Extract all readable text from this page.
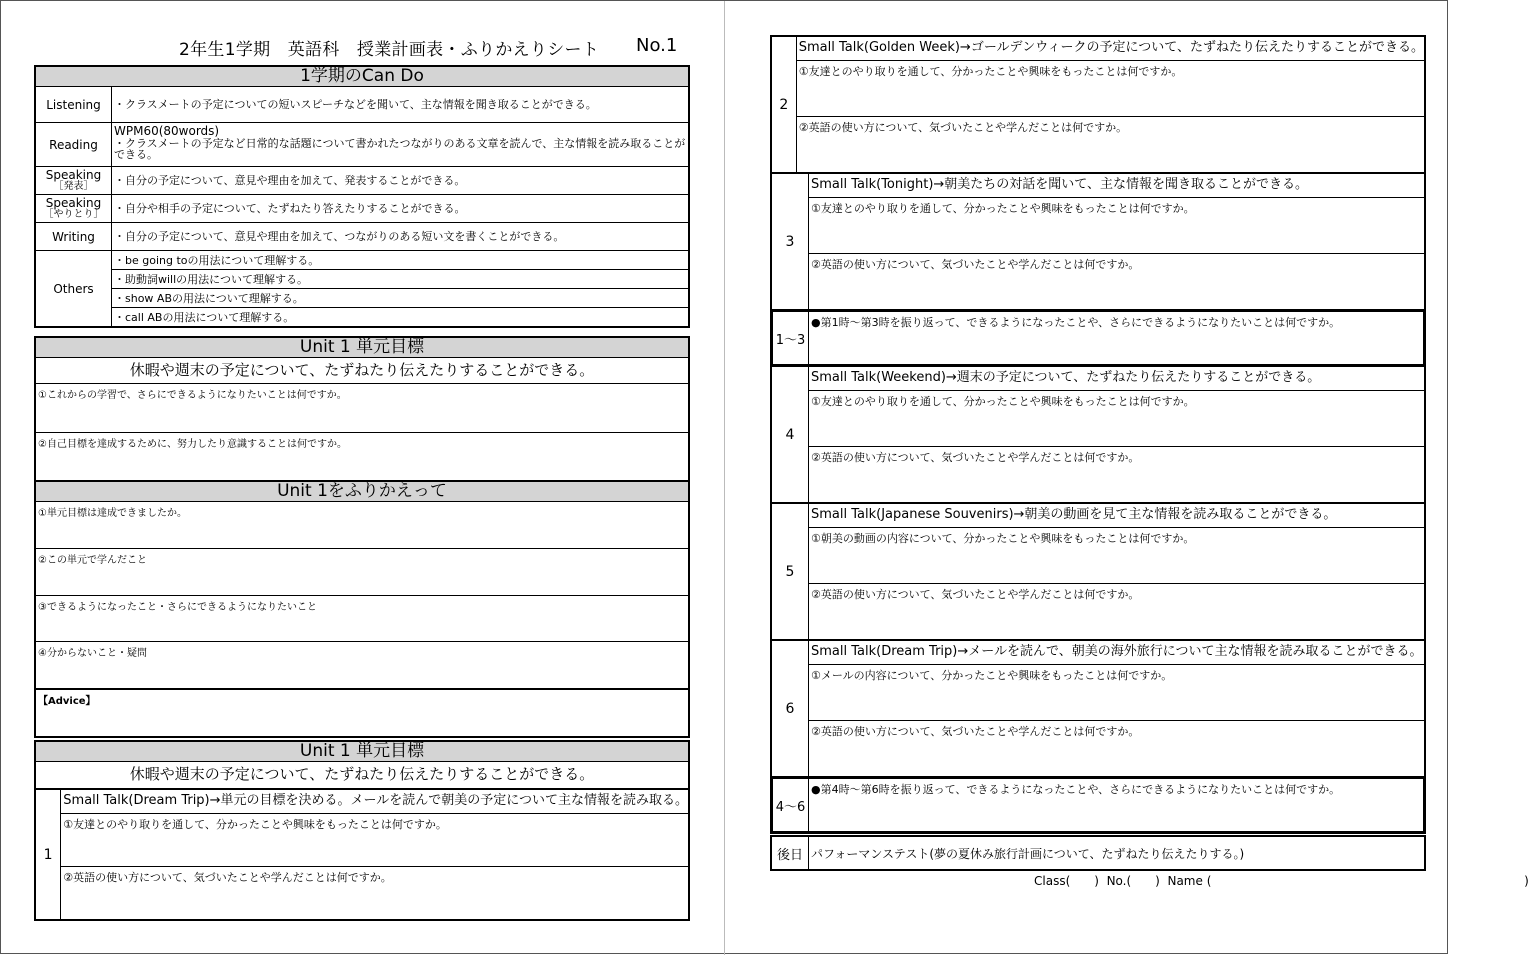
2年生1学期　英語科　授業計画表・ふりかえりシート No.1
1学期のCan Do
Listening ・クラスメートの予定についての短いスピーチなどを聞いて、主な情報を聞き取ることができる。
Reading
WPM60(80words)
・クラスメートの予定など日常的な話題について書かれたつながりのある文章を読んで、主な情報を読み取ることができる。
Speaking
［発表］ ・自分の予定について、意見や理由を加えて、発表することができる。
Speaking
［やりとり］ ・自分や相手の予定について、たずねたり答えたりすることができる。
Writing ・自分の予定について、意見や理由を加えて、つながりのある短い文を書くことができる。
Others
・be going toの用法について理解する。
・助動詞willの用法について理解する。
・show ABの用法について理解する。
・call ABの用法について理解する。
Unit 1 単元目標
休暇や週末の予定について、たずねたり伝えたりすることができる。
①これからの学習で、さらにできるようになりたいことは何ですか。
②自己目標を達成するために、努力したり意識することは何ですか。
Unit 1をふりかえって
①単元目標は達成できましたか。
②この単元で学んだこと
③できるようになったこと・さらにできるようになりたいこと
④分からないこと・疑問
【Advice】
Unit 1 単元目標
休暇や週末の予定について、たずねたり伝えたりすることができる。
1
Small Talk(Dream Trip)→単元の目標を決める。メールを読んで朝美の予定について主な情報を読み取る。
①友達とのやり取りを通して、分かったことや興味をもったことは何ですか。
②英語の使い方について、気づいたことや学んだことは何ですか。
2
Small Talk(Golden Week)→ゴールデンウィークの予定について、たずねたり伝えたりすることができる。
①友達とのやり取りを通して、分かったことや興味をもったことは何ですか。
②英語の使い方について、気づいたことや学んだことは何ですか。
3
Small Talk(Tonight)→朝美たちの対話を聞いて、主な情報を聞き取ることができる。
①友達とのやり取りを通して、分かったことや興味をもったことは何ですか。
②英語の使い方について、気づいたことや学んだことは何ですか。
1～3
●第1時～第3時を振り返って、できるようになったことや、さらにできるようになりたいことは何ですか。
4
Small Talk(Weekend)→週末の予定について、たずねたり伝えたりすることができる。
①友達とのやり取りを通して、分かったことや興味をもったことは何ですか。
②英語の使い方について、気づいたことや学んだことは何ですか。
5
Small Talk(Japanese Souvenirs)→朝美の動画を見て主な情報を読み取ることができる。
①朝美の動画の内容について、分かったことや興味をもったことは何ですか。
②英語の使い方について、気づいたことや学んだことは何ですか。
6
Small Talk(Dream Trip)→メールを読んで、朝美の海外旅行について主な情報を読み取ることができる。
①メールの内容について、分かったことや興味をもったことは何ですか。
②英語の使い方について、気づいたことや学んだことは何ですか。
4～6
●第4時～第6時を振り返って、できるようになったことや、さらにできるようになりたいことは何ですか。
後日 パフォーマンステスト(夢の夏休み旅行計画について、たずねたり伝えたりする。)
Class(　　)  No.(　　)  Name (                                                                                  )
